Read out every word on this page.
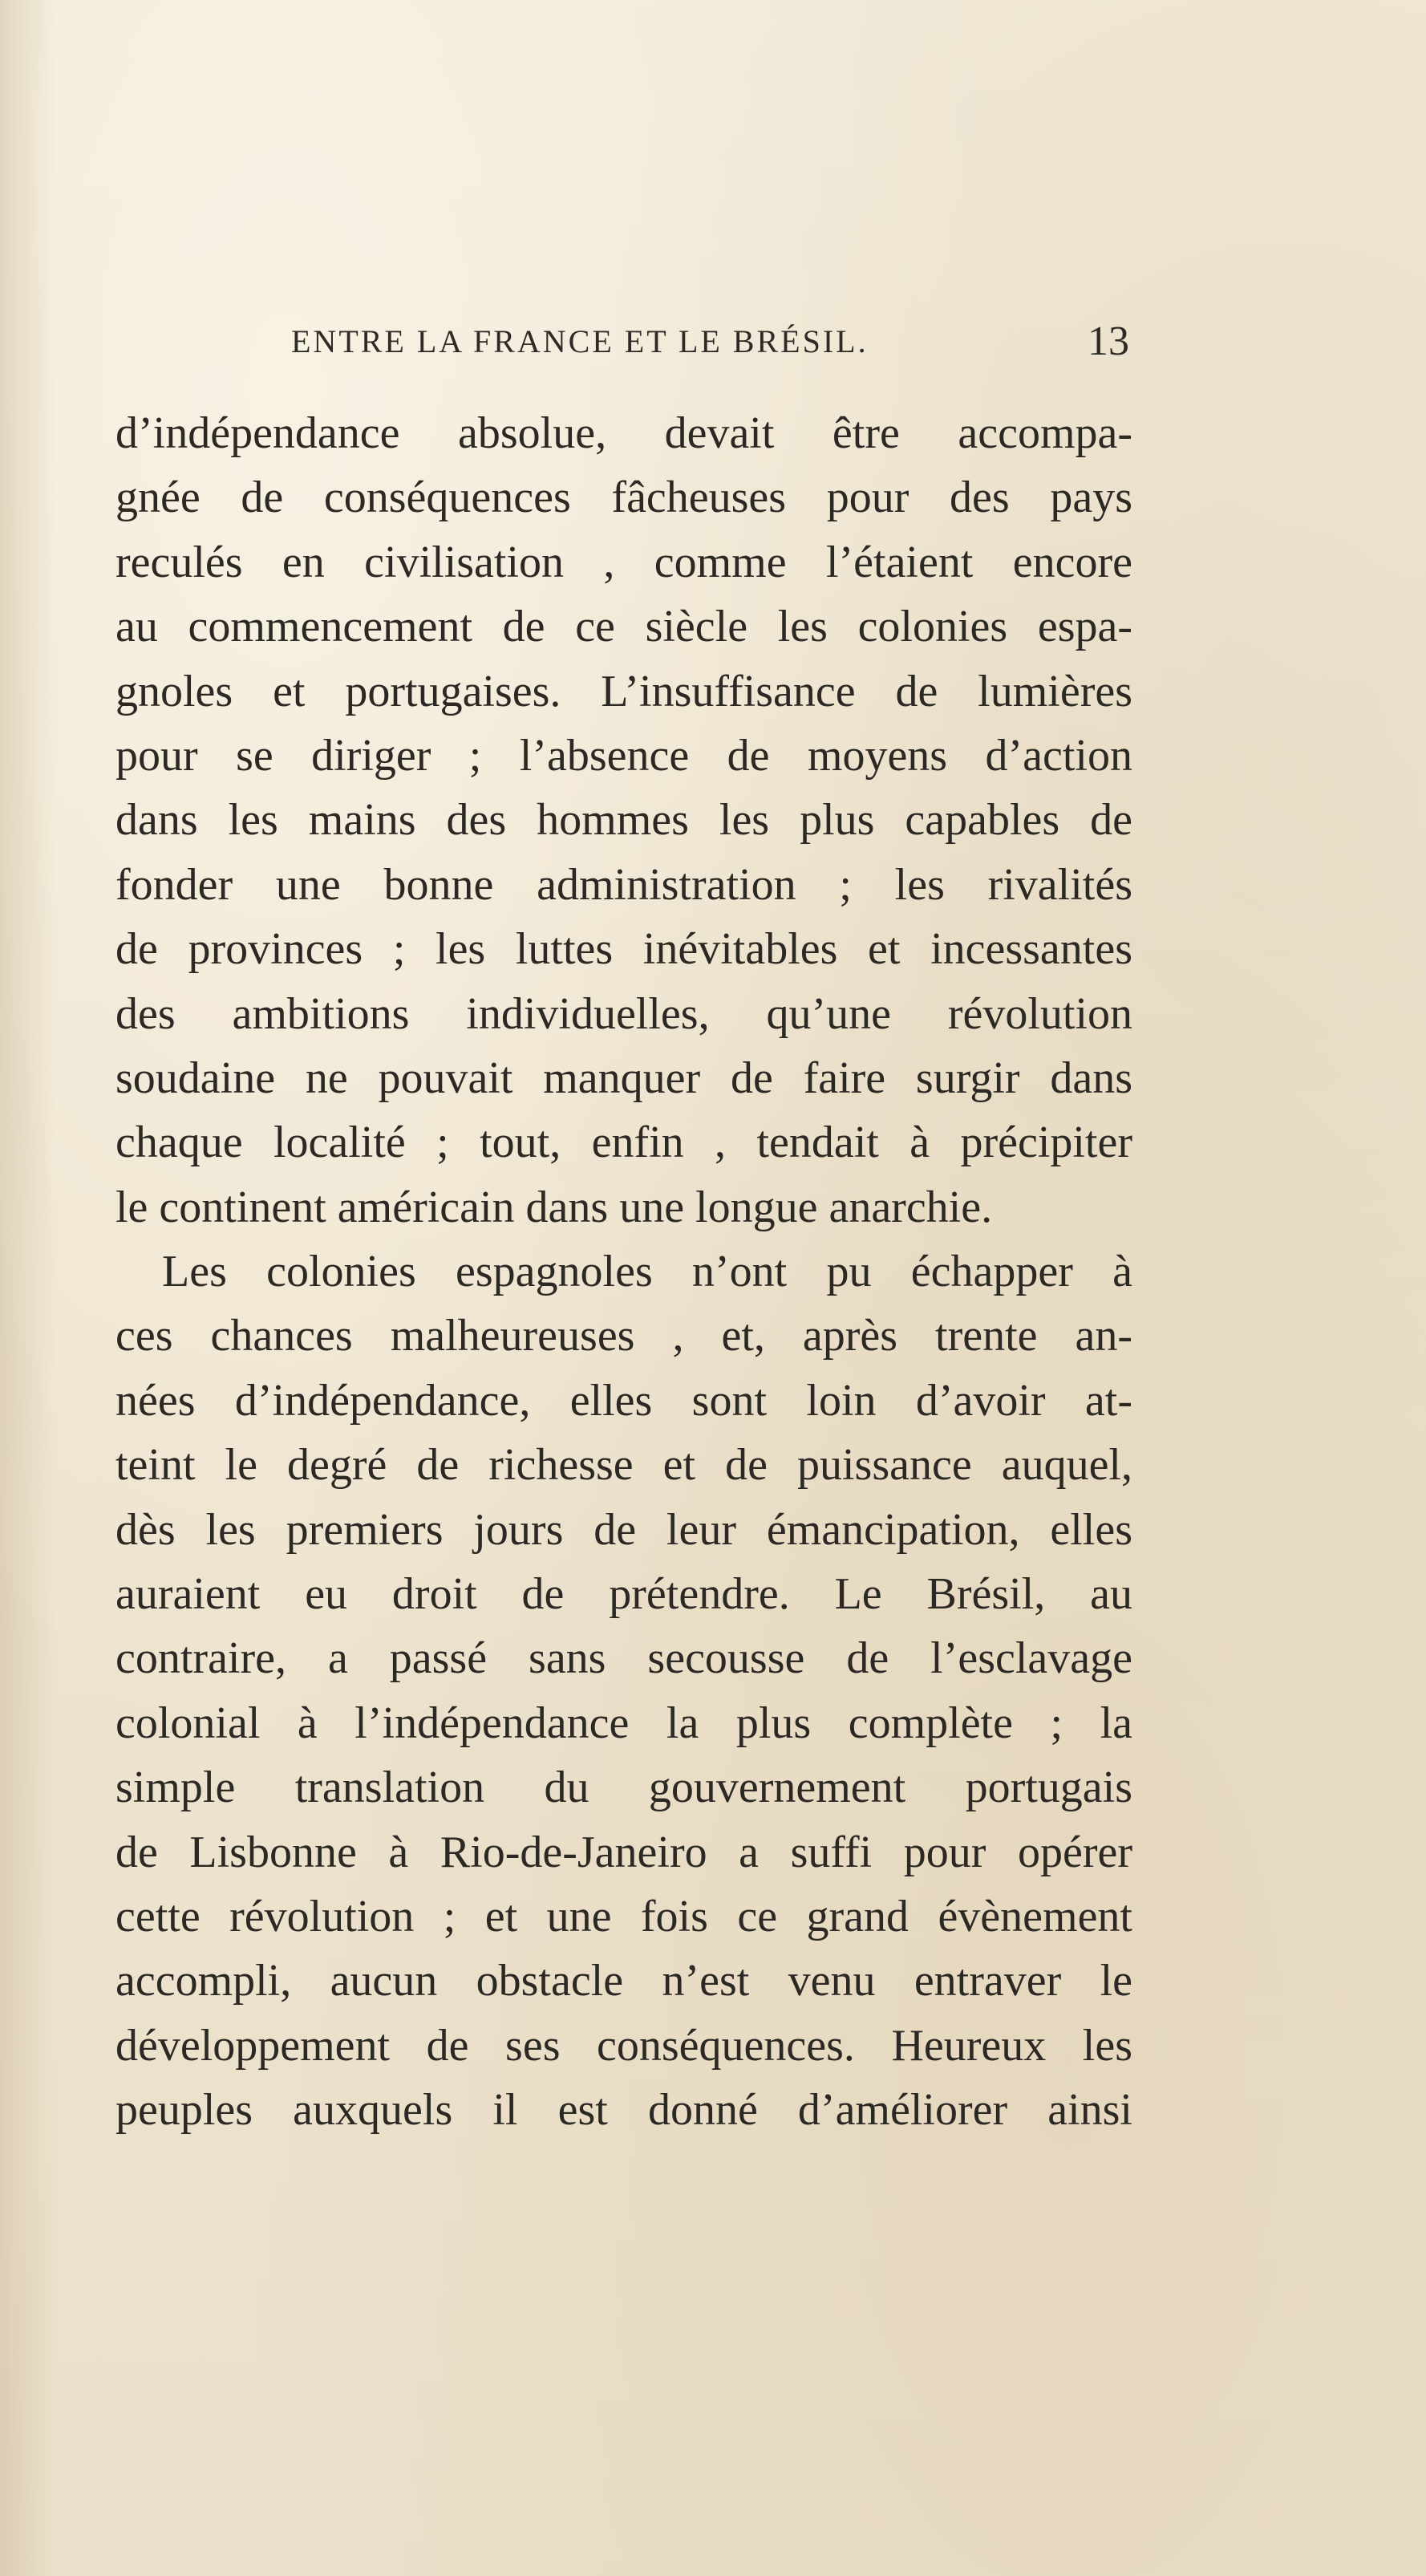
ENTRE LA FRANCE ET LE BRÉSIL.	13
d’indépendance absolue, devait être accompa-
gnée de conséquences fâcheuses pour des pays
reculés en civilisation , comme l’étaient encore
au commencement de ce siècle les colonies espa-
gnoles et portugaises. L’insuffisance de lumières
pour se diriger ; l’absence de moyens d’action
dans les mains des hommes les plus capables de
fonder une bonne administration ; les rivalités
de provinces ; les luttes inévitables et incessantes
des ambitions individuelles, qu’une révolution
soudaine ne pouvait manquer de faire surgir dans
chaque localité ; tout, enfin , tendait à précipiter
le continent américain dans une longue anarchie.
Les colonies espagnoles n’ont pu échapper à
ces chances malheureuses , et, après trente an-
nées d’indépendance, elles sont loin d’avoir at-
teint le degré de richesse et de puissance auquel,
dès les premiers jours de leur émancipation, elles
auraient eu droit de prétendre. Le Brésil, au
contraire, a passé sans secousse de l’esclavage
colonial à l’indépendance la plus complète ; la
simple translation du gouvernement portugais
de Lisbonne à Rio-de-Janeiro a suffi pour opérer
cette révolution ; et une fois ce grand évènement
accompli, aucun obstacle n’est venu entraver le
développement de ses conséquences. Heureux les
peuples auxquels il est donné d’améliorer ainsi
